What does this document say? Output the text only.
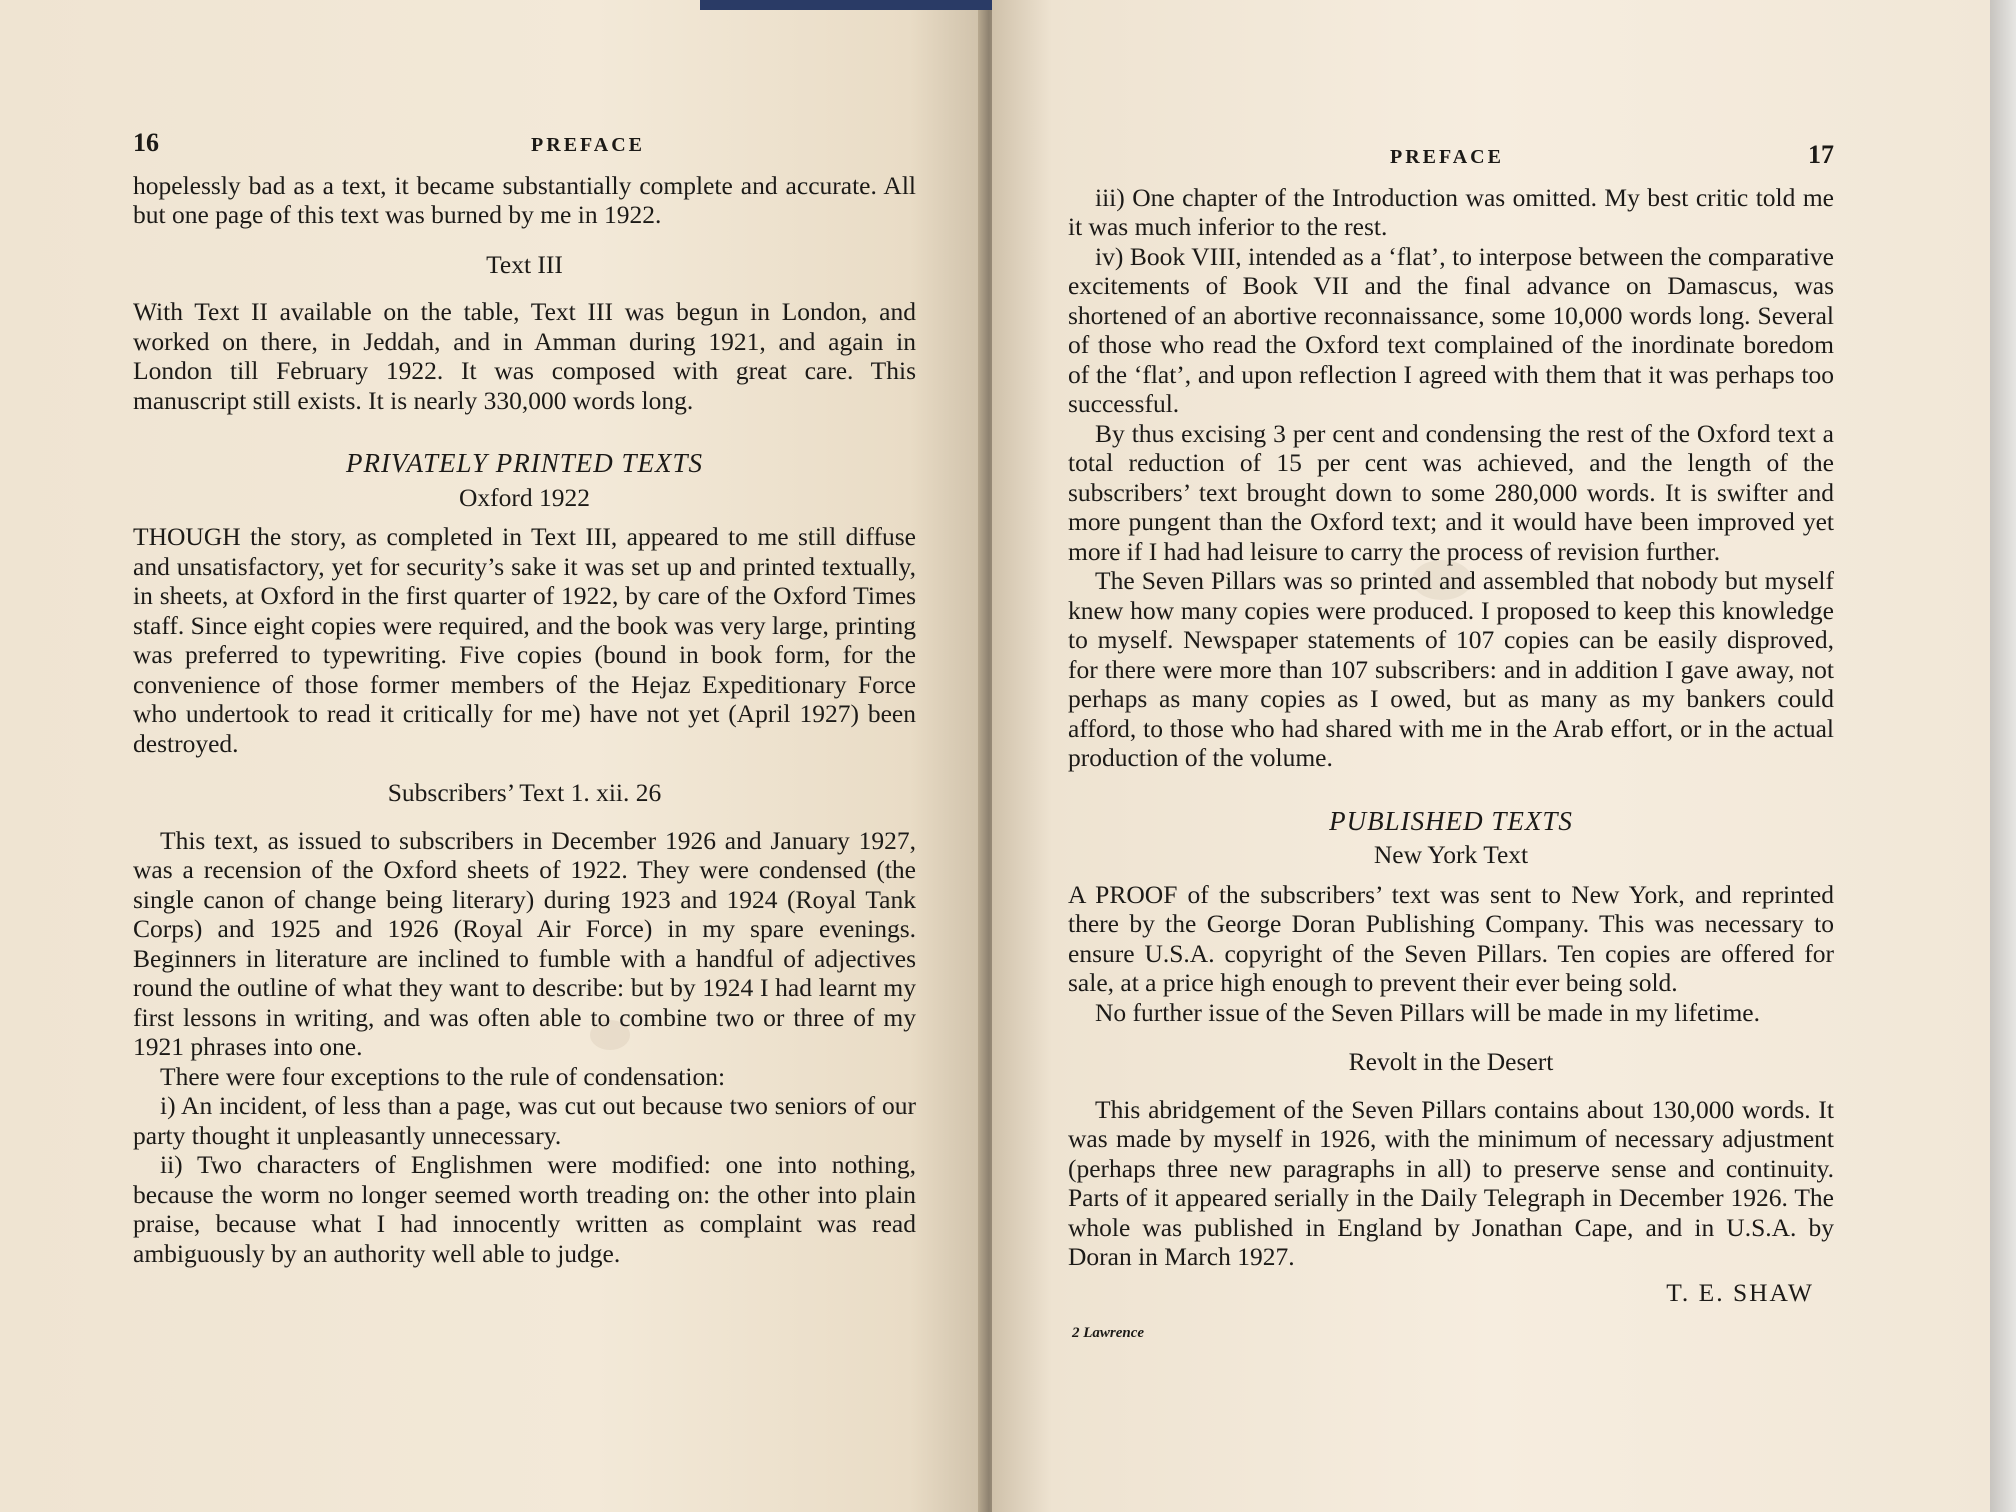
16	PREFACE

hopelessly bad as a text, it became substantially complete and accurate. All but one page of this text was burned by me in 1922.

Text III

With Text II available on the table, Text III was begun in London, and worked on there, in Jeddah, and in Amman during 1921, and again in London till February 1922. It was composed with great care. This manuscript still exists. It is nearly 330,000 words long.

PRIVATELY PRINTED TEXTS
Oxford 1922

THOUGH the story, as completed in Text III, appeared to me still diffuse and unsatisfactory, yet for security’s sake it was set up and printed textually, in sheets, at Oxford in the first quarter of 1922, by care of the Oxford Times staff. Since eight copies were required, and the book was very large, printing was preferred to typewriting. Five copies (bound in book form, for the convenience of those former members of the Hejaz Expeditionary Force who undertook to read it critically for me) have not yet (April 1927) been destroyed.

Subscribers’ Text 1. xii. 26

This text, as issued to subscribers in December 1926 and January 1927, was a recension of the Oxford sheets of 1922. They were condensed (the single canon of change being literary) during 1923 and 1924 (Royal Tank Corps) and 1925 and 1926 (Royal Air Force) in my spare evenings. Beginners in literature are inclined to fumble with a handful of adjectives round the outline of what they want to describe: but by 1924 I had learnt my first lessons in writing, and was often able to combine two or three of my 1921 phrases into one.

There were four exceptions to the rule of condensation:

i) An incident, of less than a page, was cut out because two seniors of our party thought it unpleasantly unnecessary.

ii) Two characters of Englishmen were modified: one into nothing, because the worm no longer seemed worth treading on: the other into plain praise, because what I had innocently written as complaint was read ambiguously by an authority well able to judge.

PREFACE	17

iii) One chapter of the Introduction was omitted. My best critic told me it was much inferior to the rest.

iv) Book VIII, intended as a ‘flat’, to interpose between the comparative excitements of Book VII and the final advance on Damascus, was shortened of an abortive reconnaissance, some 10,000 words long. Several of those who read the Oxford text complained of the inordinate boredom of the ‘flat’, and upon reflection I agreed with them that it was perhaps too successful.

By thus excising 3 per cent and condensing the rest of the Oxford text a total reduction of 15 per cent was achieved, and the length of the subscribers’ text brought down to some 280,000 words. It is swifter and more pungent than the Oxford text; and it would have been improved yet more if I had had leisure to carry the process of revision further.

The Seven Pillars was so printed and assembled that nobody but myself knew how many copies were produced. I proposed to keep this knowledge to myself. Newspaper statements of 107 copies can be easily disproved, for there were more than 107 subscribers: and in addition I gave away, not perhaps as many copies as I owed, but as many as my bankers could afford, to those who had shared with me in the Arab effort, or in the actual production of the volume.

PUBLISHED TEXTS
New York Text

A PROOF of the subscribers’ text was sent to New York, and reprinted there by the George Doran Publishing Company. This was necessary to ensure U.S.A. copyright of the Seven Pillars. Ten copies are offered for sale, at a price high enough to prevent their ever being sold.

No further issue of the Seven Pillars will be made in my lifetime.

Revolt in the Desert

This abridgement of the Seven Pillars contains about 130,000 words. It was made by myself in 1926, with the minimum of necessary adjustment (perhaps three new paragraphs in all) to preserve sense and continuity. Parts of it appeared serially in the Daily Telegraph in December 1926. The whole was published in England by Jonathan Cape, and in U.S.A. by Doran in March 1927.

T. E. SHAW
2 Lawrence
